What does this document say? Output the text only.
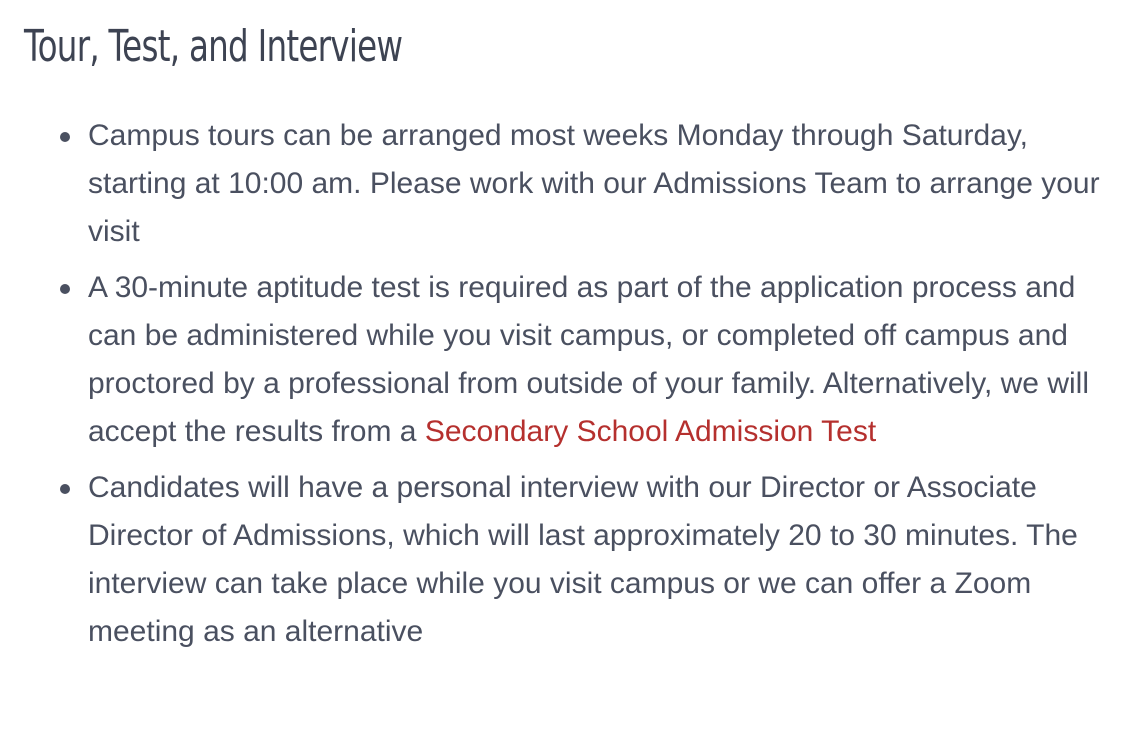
Tour, Test, and Interview
Campus tours can be arranged most weeks Monday through Saturday, starting at 10:00 am. Please work with our Admissions Team to arrange your visit
A 30-minute aptitude test is required as part of the application process and can be administered while you visit campus, or completed off campus and proctored by a professional from outside of your family. Alternatively, we will accept the results from a Secondary School Admission Test
Candidates will have a personal interview with our Director or Associate Director of Admissions, which will last approximately 20 to 30 minutes. The interview can take place while you visit campus or we can offer a Zoom meeting as an alternative
